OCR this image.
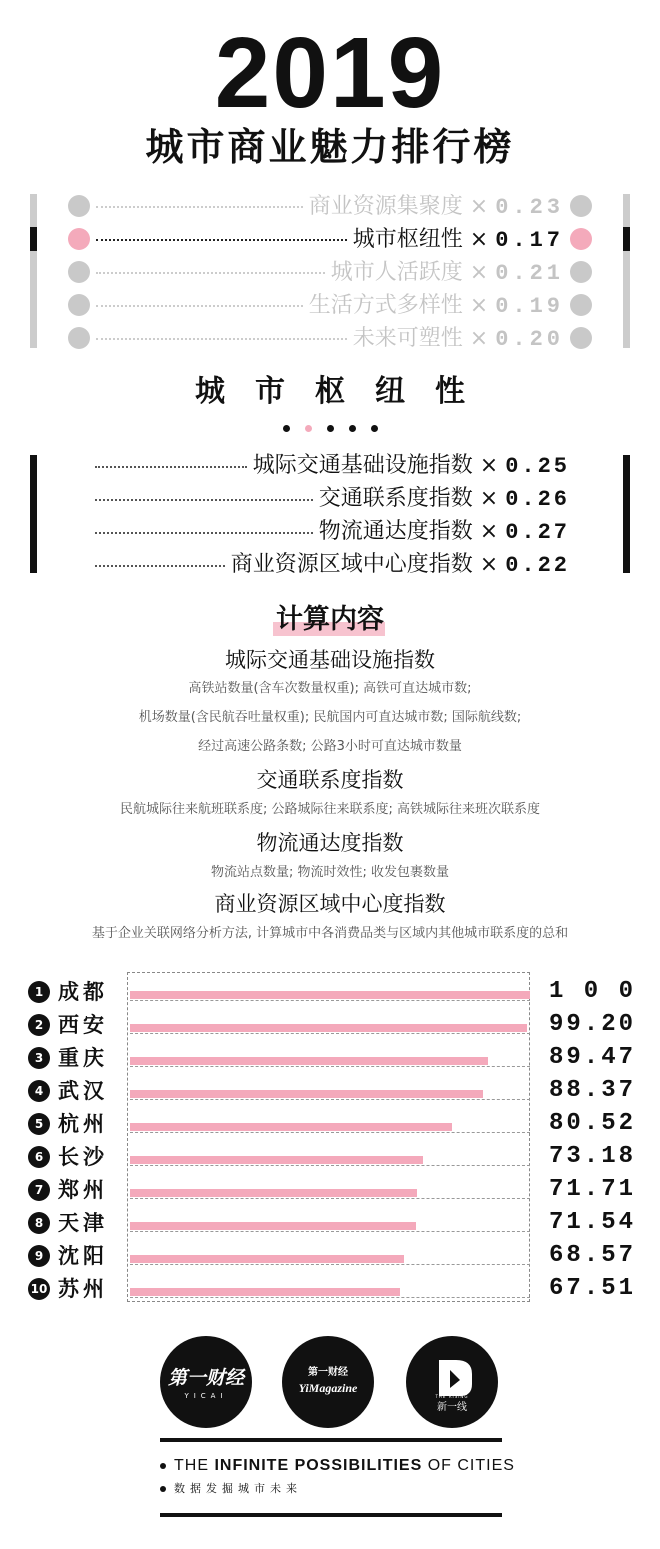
2019
城市商业魅力排行榜
商业资源集聚度 × 0.23
城市枢纽性 × 0.17
城市人活跃度 × 0.21
生活方式多样性 × 0.19
未来可塑性 × 0.20
城市枢纽性
城际交通基础设施指数 × 0.25
交通联系度指数 × 0.26
物流通达度指数 × 0.27
商业资源区域中心度指数 × 0.22
计算内容
城际交通基础设施指数
高铁站数量(含车次数量权重); 高铁可直达城市数;
机场数量(含民航吞吐量权重); 民航国内可直达城市数; 国际航线数;
经过高速公路条数; 公路3小时可直达城市数量
交通联系度指数
民航城际往来航班联系度; 公路城际往来联系度; 高铁城际往来班次联系度
物流通达度指数
物流站点数量; 物流时效性; 收发包裹数量
商业资源区域中心度指数
基于企业关联网络分析方法, 计算城市中各消费品类与区域内其他城市联系度的总和
1 成都	1 0 0
2 西安	99.20
3 重庆	89.47
4 武汉	88.37
5 杭州	80.52
6 长沙	73.18
7 郑州	71.71
8 天津	71.54
9 沈阳	68.57
10 苏州	67.51
第一财经
YICAI
第一财经
YiMagazine
THE RISING
新一线
THE INFINITE POSSIBILITIES OF CITIES
数据发掘城市未来
